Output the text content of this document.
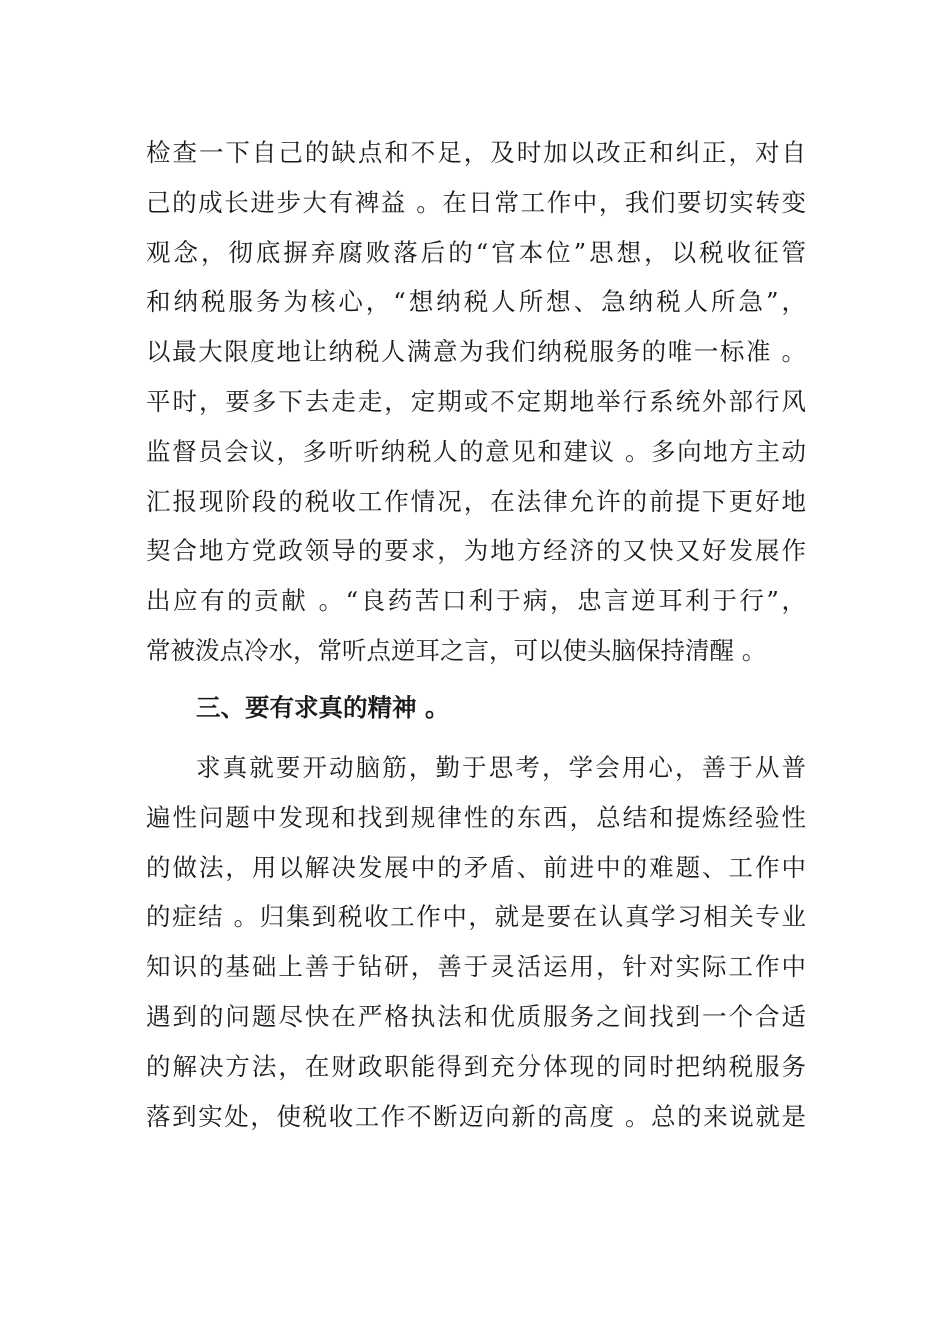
检查一下自己的缺点和不足，及时加以改正和纠正，对自
己的成长进步大有裨益 。在日常工作中，我们要切实转变
观念，彻底摒弃腐败落后的“官本位”思想，以税收征管
和纳税服务为核心，“想纳税人所想、急纳税人所急”，
以最大限度地让纳税人满意为我们纳税服务的唯一标准 。
平时，要多下去走走，定期或不定期地举行系统外部行风
监督员会议，多听听纳税人的意见和建议 。多向地方主动
汇报现阶段的税收工作情况，在法律允许的前提下更好地
契合地方党政领导的要求，为地方经济的又快又好发展作
出应有的贡献 。“良药苦口利于病，忠言逆耳利于行”，
常被泼点冷水，常听点逆耳之言，可以使头脑保持清醒 。
三、要有求真的精神 。
求真就要开动脑筋，勤于思考，学会用心，善于从普
遍性问题中发现和找到规律性的东西，总结和提炼经验性
的做法，用以解决发展中的矛盾、前进中的难题、工作中
的症结 。归集到税收工作中，就是要在认真学习相关专业
知识的基础上善于钻研，善于灵活运用，针对实际工作中
遇到的问题尽快在严格执法和优质服务之间找到一个合适
的解决方法，在财政职能得到充分体现的同时把纳税服务
落到实处，使税收工作不断迈向新的高度 。总的来说就是
